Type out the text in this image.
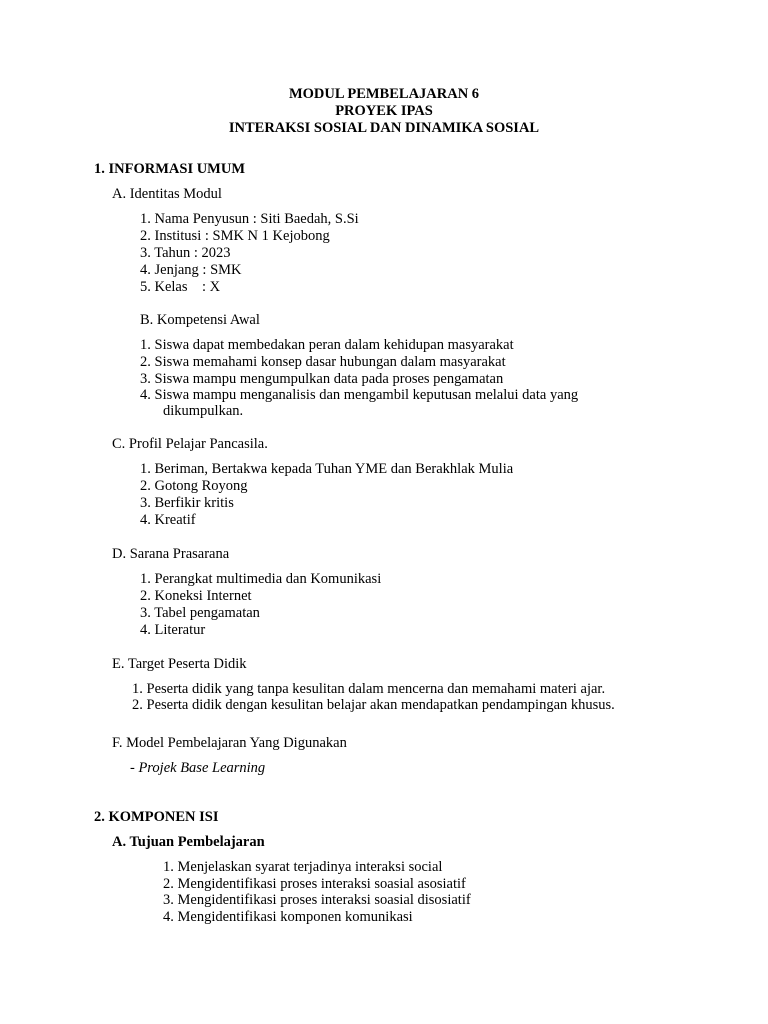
MODUL PEMBELAJARAN 6
PROYEK IPAS
INTERAKSI SOSIAL DAN DINAMIKA SOSIAL
1. INFORMASI UMUM
A. Identitas Modul
1. Nama Penyusun : Siti Baedah, S.Si
2. Institusi : SMK N 1 Kejobong
3. Tahun : 2023
4. Jenjang : SMK
5. Kelas    : X
B. Kompetensi Awal
1. Siswa dapat membedakan peran dalam kehidupan masyarakat
2. Siswa memahami konsep dasar hubungan dalam masyarakat
3. Siswa mampu mengumpulkan data pada proses pengamatan
4. Siswa mampu menganalisis dan mengambil keputusan melalui data yang
dikumpulkan.
C. Profil Pelajar Pancasila.
1. Beriman, Bertakwa kepada Tuhan YME dan Berakhlak Mulia
2. Gotong Royong
3. Berfikir kritis
4. Kreatif
D. Sarana Prasarana
1. Perangkat multimedia dan Komunikasi
2. Koneksi Internet
3. Tabel pengamatan
4. Literatur
E. Target Peserta Didik
1. Peserta didik yang tanpa kesulitan dalam mencerna dan memahami materi ajar.
2. Peserta didik dengan kesulitan belajar akan mendapatkan pendampingan khusus.
F. Model Pembelajaran Yang Digunakan
- Projek Base Learning
2. KOMPONEN ISI
A. Tujuan Pembelajaran
1. Menjelaskan syarat terjadinya interaksi social
2. Mengidentifikasi proses interaksi soasial asosiatif
3. Mengidentifikasi proses interaksi soasial disosiatif
4. Mengidentifikasi komponen komunikasi
